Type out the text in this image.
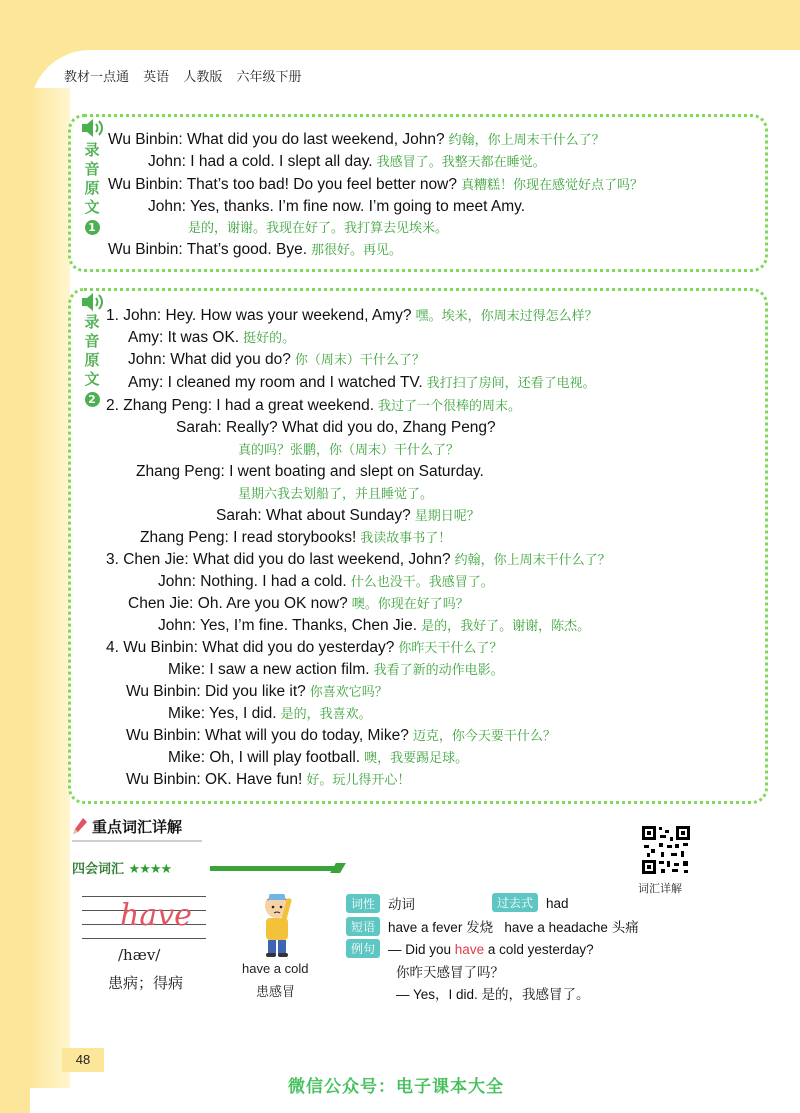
教材一点通 英语 人教版 六年级下册
录
音
原
文
1
Wu Binbin: What did you do last weekend, John? 约翰，你上周末干什么了？
John: I had a cold. I slept all day. 我感冒了。我整天都在睡觉。
Wu Binbin: That’s too bad! Do you feel better now? 真糟糕！你现在感觉好点了吗？
John: Yes, thanks. I’m fine now. I’m going to meet Amy.
是的，谢谢。我现在好了。我打算去见埃米。
Wu Binbin: That’s good. Bye. 那很好。再见。
录
音
原
文
2
1. John: Hey. How was your weekend, Amy? 嘿。埃米，你周末过得怎么样？
Amy: It was OK. 挺好的。
John: What did you do? 你（周末）干什么了？
Amy: I cleaned my room and I watched TV. 我打扫了房间，还看了电视。
2. Zhang Peng: I had a great weekend. 我过了一个很棒的周末。
Sarah: Really? What did you do, Zhang Peng?
真的吗？张鹏，你（周末）干什么了？
Zhang Peng: I went boating and slept on Saturday.
星期六我去划船了，并且睡觉了。
Sarah: What about Sunday? 星期日呢？
Zhang Peng: I read storybooks! 我读故事书了！
3. Chen Jie: What did you do last weekend, John? 约翰，你上周末干什么了？
John: Nothing. I had a cold. 什么也没干。我感冒了。
Chen Jie: Oh. Are you OK now? 噢。你现在好了吗？
John: Yes, I’m fine. Thanks, Chen Jie. 是的，我好了。谢谢，陈杰。
4. Wu Binbin: What did you do yesterday? 你昨天干什么了？
Mike: I saw a new action film. 我看了新的动作电影。
Wu Binbin: Did you like it? 你喜欢它吗？
Mike: Yes, I did. 是的，我喜欢。
Wu Binbin: What will you do today, Mike? 迈克，你今天要干什么？
Mike: Oh, I will play football. 噢，我要踢足球。
Wu Binbin: OK. Have fun! 好。玩儿得开心！
重点词汇详解
词汇详解
四会词汇 ★★★★
have
/hæv/
患病；得病
have a cold
患感冒
词性 动词	过去式 had
短语 have a fever 发烧 have a headache 头痛
例句 — Did you have a cold yesterday?
你昨天感冒了吗？
— Yes，I did. 是的，我感冒了。
48
微信公众号：电子课本大全
